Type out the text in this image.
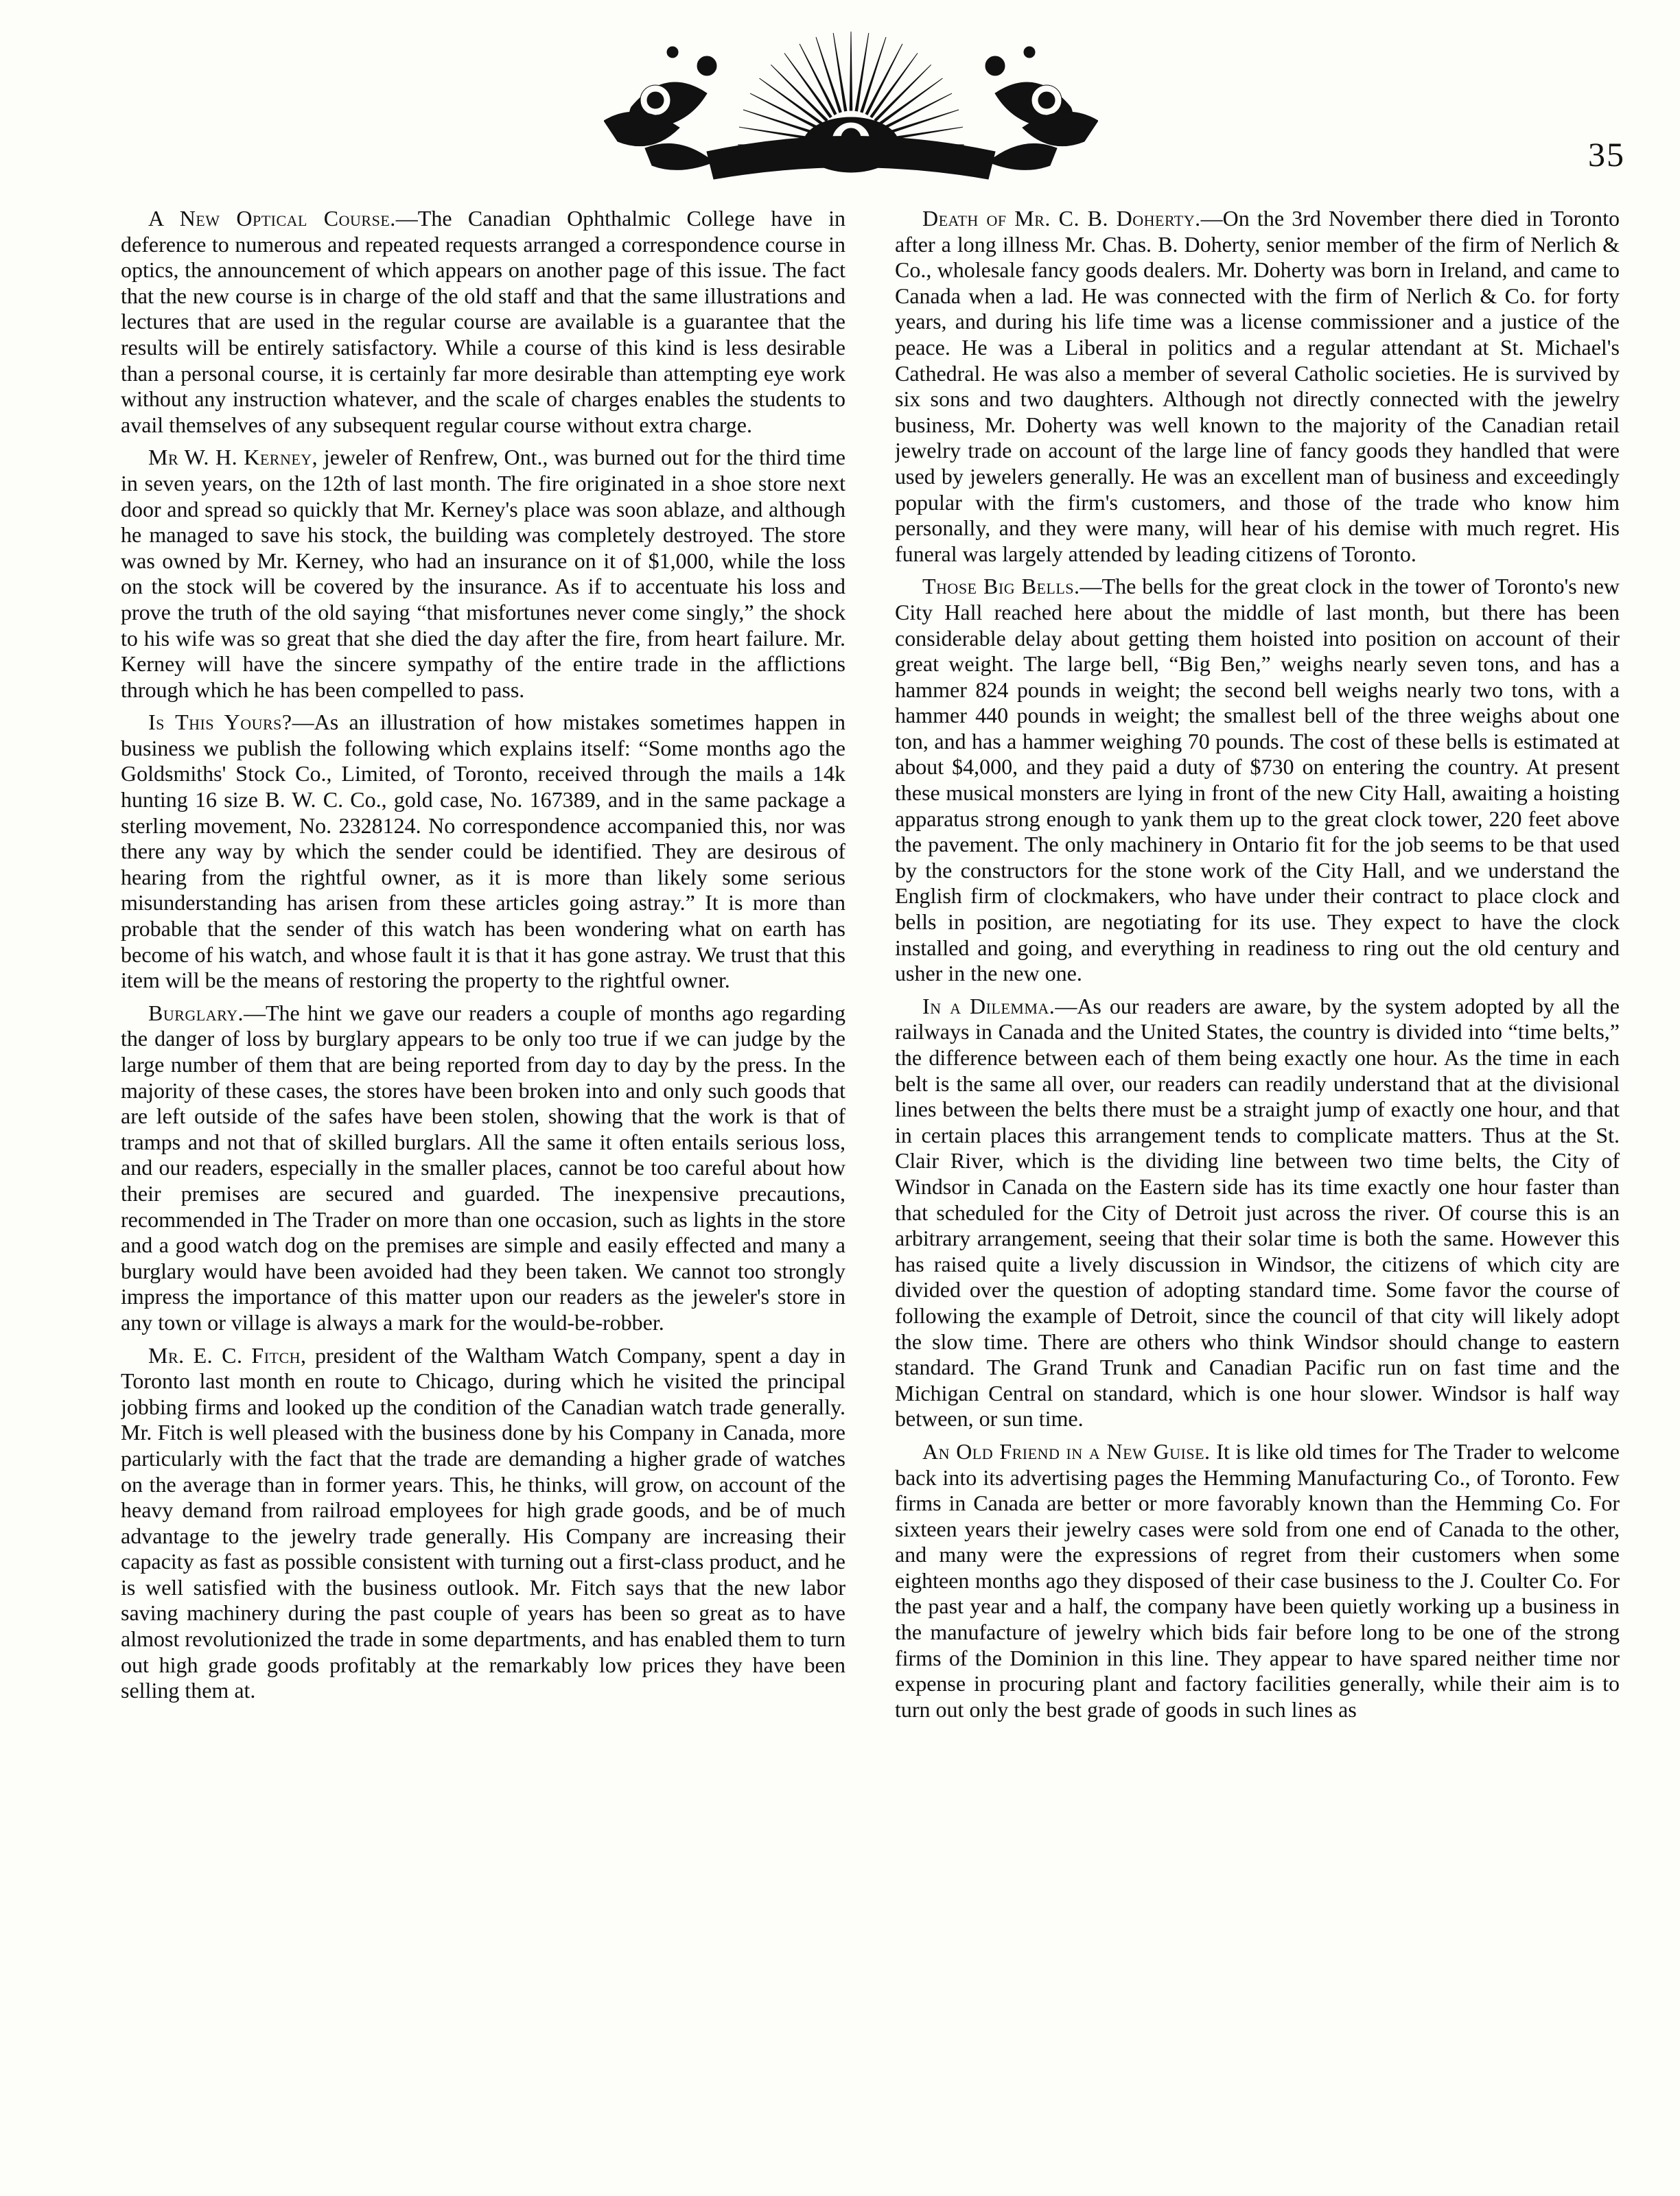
35

A New Optical Course.—The Canadian Ophthalmic College have in deference to numerous and repeated requests arranged a correspondence course in optics, the announcement of which appears on another page of this issue. The fact that the new course is in charge of the old staff and that the same illustrations and lectures that are used in the regular course are available is a guarantee that the results will be entirely satisfactory. While a course of this kind is less desirable than a personal course, it is certainly far more desirable than attempting eye work without any instruction whatever, and the scale of charges enables the students to avail themselves of any subsequent regular course without extra charge.

Mr W. H. Kerney, jeweler of Renfrew, Ont., was burned out for the third time in seven years, on the 12th of last month. The fire originated in a shoe store next door and spread so quickly that Mr. Kerney's place was soon ablaze, and although he managed to save his stock, the building was completely destroyed. The store was owned by Mr. Kerney, who had an insurance on it of $1,000, while the loss on the stock will be covered by the insurance. As if to accentuate his loss and prove the truth of the old saying “that misfortunes never come singly,” the shock to his wife was so great that she died the day after the fire, from heart failure. Mr. Kerney will have the sincere sympathy of the entire trade in the afflictions through which he has been compelled to pass.

Is This Yours?—As an illustration of how mistakes sometimes happen in business we publish the following which explains itself: “Some months ago the Goldsmiths' Stock Co., Limited, of Toronto, received through the mails a 14k hunting 16 size B. W. C. Co., gold case, No. 167389, and in the same package a sterling movement, No. 2328124. No correspondence accompanied this, nor was there any way by which the sender could be identified. They are desirous of hearing from the rightful owner, as it is more than likely some serious misunderstanding has arisen from these articles going astray.” It is more than probable that the sender of this watch has been wondering what on earth has become of his watch, and whose fault it is that it has gone astray. We trust that this item will be the means of restoring the property to the rightful owner.

Burglary.—The hint we gave our readers a couple of months ago regarding the danger of loss by burglary appears to be only too true if we can judge by the large number of them that are being reported from day to day by the press. In the majority of these cases, the stores have been broken into and only such goods that are left outside of the safes have been stolen, showing that the work is that of tramps and not that of skilled burglars. All the same it often entails serious loss, and our readers, especially in the smaller places, cannot be too careful about how their premises are secured and guarded. The inexpensive precautions, recommended in The Trader on more than one occasion, such as lights in the store and a good watch dog on the premises are simple and easily effected and many a burglary would have been avoided had they been taken. We cannot too strongly impress the importance of this matter upon our readers as the jeweler's store in any town or village is always a mark for the would-be-robber.

Mr. E. C. Fitch, president of the Waltham Watch Company, spent a day in Toronto last month en route to Chicago, during which he visited the principal jobbing firms and looked up the condition of the Canadian watch trade generally. Mr. Fitch is well pleased with the business done by his Company in Canada, more particularly with the fact that the trade are demanding a higher grade of watches on the average than in former years. This, he thinks, will grow, on account of the heavy demand from railroad employees for high grade goods, and be of much advantage to the jewelry trade generally. His Company are increasing their capacity as fast as possible consistent with turning out a first-class product, and he is well satisfied with the business outlook. Mr. Fitch says that the new labor saving machinery during the past couple of years has been so great as to have almost revolutionized the trade in some departments, and has enabled them to turn out high grade goods profitably at the remarkably low prices they have been selling them at.

Death of Mr. C. B. Doherty.—On the 3rd November there died in Toronto after a long illness Mr. Chas. B. Doherty, senior member of the firm of Nerlich & Co., wholesale fancy goods dealers. Mr. Doherty was born in Ireland, and came to Canada when a lad. He was connected with the firm of Nerlich & Co. for forty years, and during his life time was a license commissioner and a justice of the peace. He was a Liberal in politics and a regular attendant at St. Michael's Cathedral. He was also a member of several Catholic societies. He is survived by six sons and two daughters. Although not directly connected with the jewelry business, Mr. Doherty was well known to the majority of the Canadian retail jewelry trade on account of the large line of fancy goods they handled that were used by jewelers generally. He was an excellent man of business and exceedingly popular with the firm's customers, and those of the trade who know him personally, and they were many, will hear of his demise with much regret. His funeral was largely attended by leading citizens of Toronto.

Those Big Bells.—The bells for the great clock in the tower of Toronto's new City Hall reached here about the middle of last month, but there has been considerable delay about getting them hoisted into position on account of their great weight. The large bell, “Big Ben,” weighs nearly seven tons, and has a hammer 824 pounds in weight; the second bell weighs nearly two tons, with a hammer 440 pounds in weight; the smallest bell of the three weighs about one ton, and has a hammer weighing 70 pounds. The cost of these bells is estimated at about $4,000, and they paid a duty of $730 on entering the country. At present these musical monsters are lying in front of the new City Hall, awaiting a hoisting apparatus strong enough to yank them up to the great clock tower, 220 feet above the pavement. The only machinery in Ontario fit for the job seems to be that used by the constructors for the stone work of the City Hall, and we understand the English firm of clockmakers, who have under their contract to place clock and bells in position, are negotiating for its use. They expect to have the clock installed and going, and everything in readiness to ring out the old century and usher in the new one.

In a Dilemma.—As our readers are aware, by the system adopted by all the railways in Canada and the United States, the country is divided into “time belts,” the difference between each of them being exactly one hour. As the time in each belt is the same all over, our readers can readily understand that at the divisional lines between the belts there must be a straight jump of exactly one hour, and that in certain places this arrangement tends to complicate matters. Thus at the St. Clair River, which is the dividing line between two time belts, the City of Windsor in Canada on the Eastern side has its time exactly one hour faster than that scheduled for the City of Detroit just across the river. Of course this is an arbitrary arrangement, seeing that their solar time is both the same. However this has raised quite a lively discussion in Windsor, the citizens of which city are divided over the question of adopting standard time. Some favor the course of following the example of Detroit, since the council of that city will likely adopt the slow time. There are others who think Windsor should change to eastern standard. The Grand Trunk and Canadian Pacific run on fast time and the Michigan Central on standard, which is one hour slower. Windsor is half way between, or sun time.

An Old Friend in a New Guise. It is like old times for The Trader to welcome back into its advertising pages the Hemming Manufacturing Co., of Toronto. Few firms in Canada are better or more favorably known than the Hemming Co. For sixteen years their jewelry cases were sold from one end of Canada to the other, and many were the expressions of regret from their customers when some eighteen months ago they disposed of their case business to the J. Coulter Co. For the past year and a half, the company have been quietly working up a business in the manufacture of jewelry which bids fair before long to be one of the strong firms of the Dominion in this line. They appear to have spared neither time nor expense in procuring plant and factory facilities generally, while their aim is to turn out only the best grade of goods in such lines as
